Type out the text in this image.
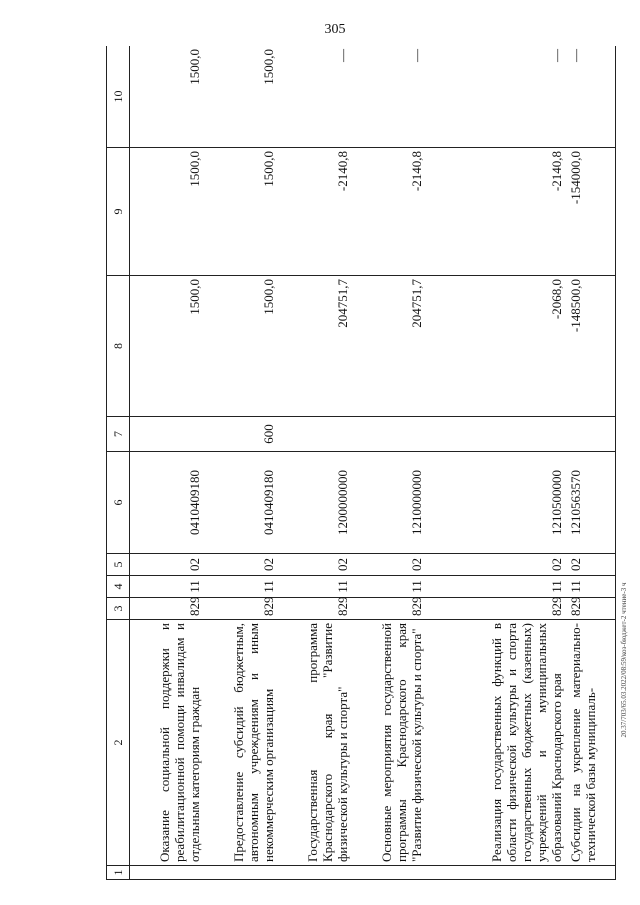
305
20.37/703/65.03.2022/08:59/коз-бюджет-2 чтение-3 ч
1	2	3	4	5	6	7	8	9	10
	Оказание социальной поддержки и реабилитационной помощи инвалидам и отдельным категориям граждан	829	11	02	0410409180		1500,0	1500,0	1500,0
	Предоставление субсидий бюджетным, автономным учреждениям и иным некоммерческим организациям	829	11	02	0410409180	600	1500,0	1500,0	1500,0
	Государственная программа Краснодарского края "Развитие физической культуры и спорта"	829	11	02	1200000000		204751,7	-2140,8	—
	Основные мероприятия государственной программы Краснодарского края "Развитие физической культуры и спорта"	829	11	02	1210000000		204751,7	-2140,8	—
	Реализация государственных функций в области физической культуры и спорта государственных бюджетных (казенных) учреждений и муниципальных образований Краснодарского края	829	11	02	1210500000		-2068,0	-2140,8	—
	Субсидии на укрепление материально-технической базы муниципаль-	829	11	02	1210563570		-148500,0	-154000,0	—
